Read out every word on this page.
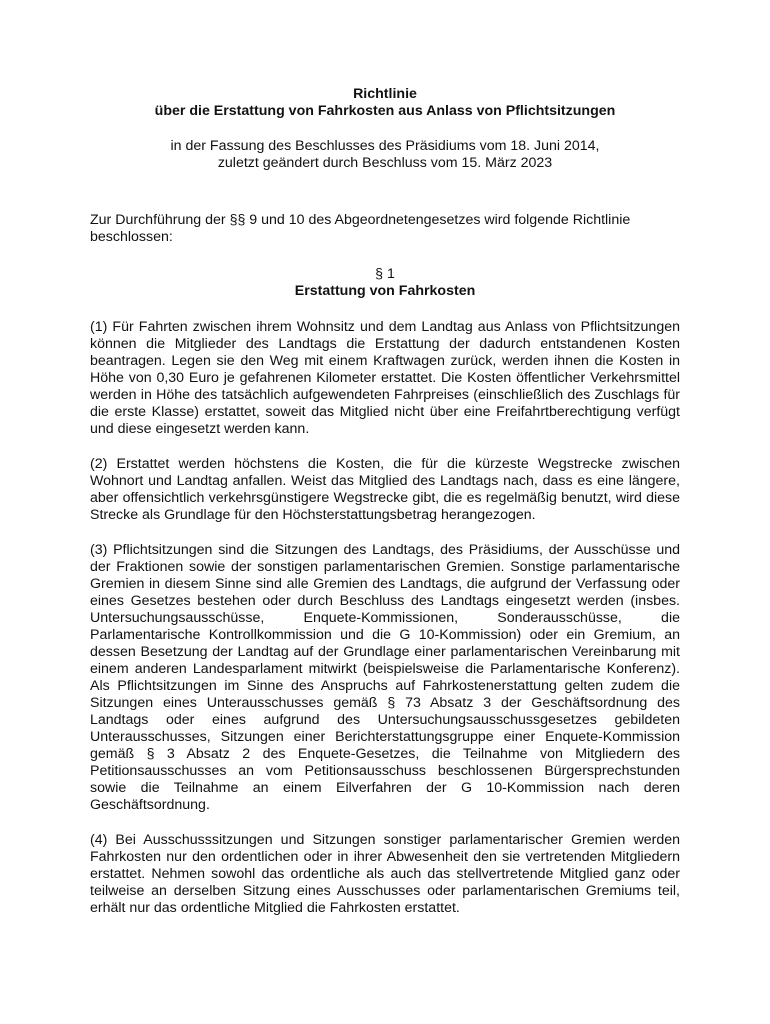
Richtlinie
über die Erstattung von Fahrkosten aus Anlass von Pflichtsitzungen
in der Fassung des Beschlusses des Präsidiums vom 18. Juni 2014,
zuletzt geändert durch Beschluss vom 15. März 2023

Zur Durchführung der §§ 9 und 10 des Abgeordnetengesetzes wird folgende Richtlinie beschlossen:

§ 1
Erstattung von Fahrkosten

(1) Für Fahrten zwischen ihrem Wohnsitz und dem Landtag aus Anlass von Pflichtsitzungen können die Mitglieder des Landtags die Erstattung der dadurch entstandenen Kosten beantragen. Legen sie den Weg mit einem Kraftwagen zurück, werden ihnen die Kosten in Höhe von 0,30 Euro je gefahrenen Kilometer erstattet. Die Kosten öffentlicher Verkehrsmittel werden in Höhe des tatsächlich aufgewendeten Fahrpreises (einschließlich des Zuschlags für die erste Klasse) erstattet, soweit das Mitglied nicht über eine Freifahrtberechtigung verfügt und diese eingesetzt werden kann.

(2) Erstattet werden höchstens die Kosten, die für die kürzeste Wegstrecke zwischen Wohnort und Landtag anfallen. Weist das Mitglied des Landtags nach, dass es eine längere, aber offensichtlich verkehrsgünstigere Wegstrecke gibt, die es regelmäßig benutzt, wird diese Strecke als Grundlage für den Höchsterstattungsbetrag herangezogen.

(3) Pflichtsitzungen sind die Sitzungen des Landtags, des Präsidiums, der Ausschüsse und der Fraktionen sowie der sonstigen parlamentarischen Gremien. Sonstige parlamentarische Gremien in diesem Sinne sind alle Gremien des Landtags, die aufgrund der Verfassung oder eines Gesetzes bestehen oder durch Beschluss des Landtags eingesetzt werden (insbes. Untersuchungsausschüsse, Enquete-Kommissionen, Sonderausschüsse, die Parlamentarische Kontrollkommission und die G 10-Kommission) oder ein Gremium, an dessen Besetzung der Landtag auf der Grundlage einer parlamentarischen Vereinbarung mit einem anderen Landesparlament mitwirkt (beispielsweise die Parlamentarische Konferenz). Als Pflichtsitzungen im Sinne des Anspruchs auf Fahrkostenerstattung gelten zudem die Sitzungen eines Unterausschusses gemäß § 73 Absatz 3 der Geschäftsordnung des Landtags oder eines aufgrund des Untersuchungsausschussgesetzes gebildeten Unterausschusses, Sitzungen einer Berichterstattungsgruppe einer Enquete-Kommission gemäß § 3 Absatz 2 des Enquete-Gesetzes, die Teilnahme von Mitgliedern des Petitionsausschusses an vom Petitionsausschuss beschlossenen Bürgersprechstunden sowie die Teilnahme an einem Eilverfahren der G 10-Kommission nach deren Geschäftsordnung.

(4) Bei Ausschusssitzungen und Sitzungen sonstiger parlamentarischer Gremien werden Fahrkosten nur den ordentlichen oder in ihrer Abwesenheit den sie vertretenden Mitgliedern erstattet. Nehmen sowohl das ordentliche als auch das stellvertretende Mitglied ganz oder teilweise an derselben Sitzung eines Ausschusses oder parlamentarischen Gremiums teil, erhält nur das ordentliche Mitglied die Fahrkosten erstattet.
